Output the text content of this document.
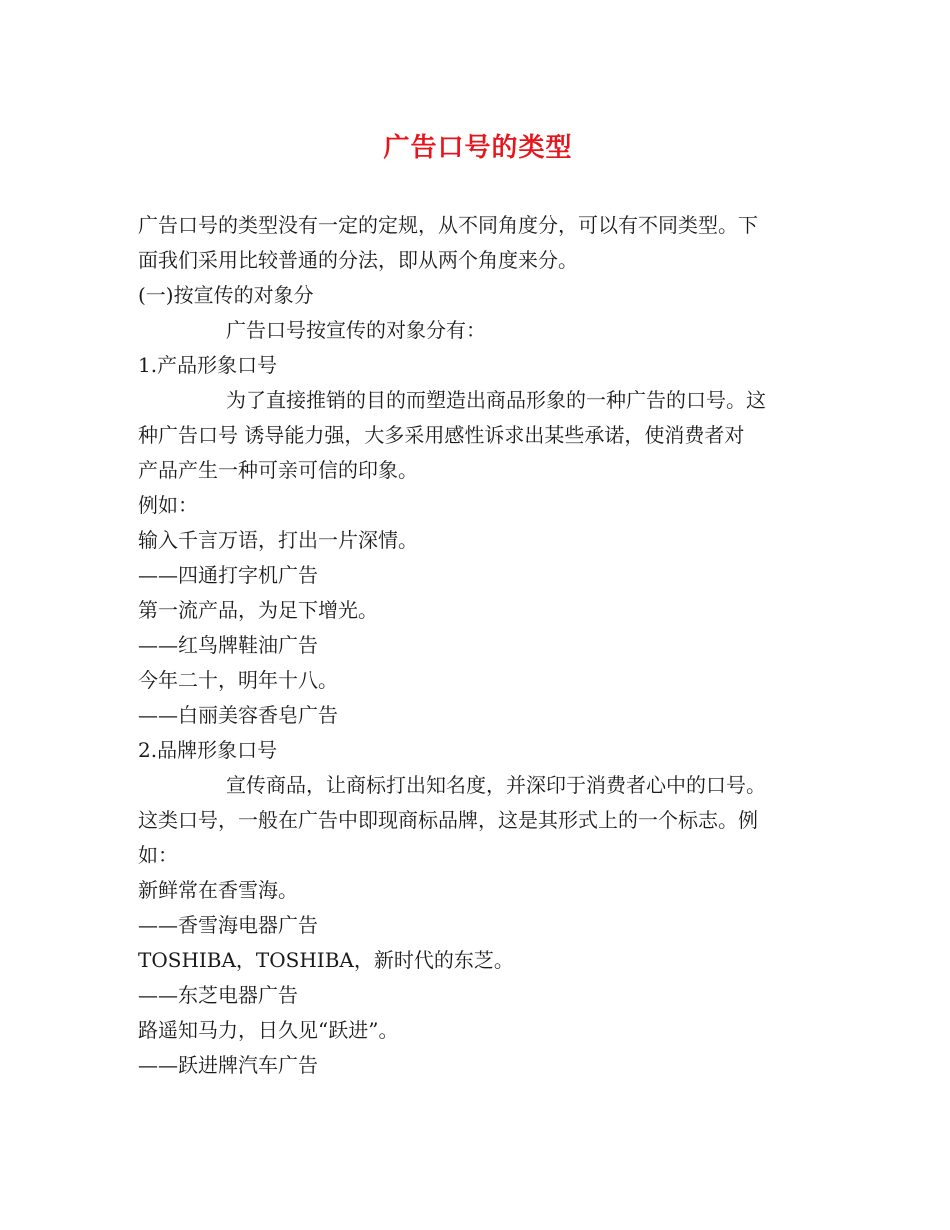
广告口号的类型

广告口号的类型没有一定的定规，从不同角度分，可以有不同类型。下

面我们采用比较普通的分法，即从两个角度来分。

(一)按宣传的对象分

广告口号按宣传的对象分有：

1.产品形象口号

为了直接推销的目的而塑造出商品形象的一种广告的口号。这

种广告口号 诱导能力强，大多采用感性诉求出某些承诺，使消费者对

产品产生一种可亲可信的印象。

例如：

输入千言万语，打出一片深情。

——四通打字机广告

第一流产品，为足下增光。

——红鸟牌鞋油广告

今年二十，明年十八。

——白丽美容香皂广告

2.品牌形象口号

宣传商品，让商标打出知名度，并深印于消费者心中的口号。

这类口号，一般在广告中即现商标品牌，这是其形式上的一个标志。例

如：

新鲜常在香雪海。

——香雪海电器广告

TOSHIBA，TOSHIBA，新时代的东芝。

——东芝电器广告

路遥知马力，日久见“跃进”。

——跃进牌汽车广告
